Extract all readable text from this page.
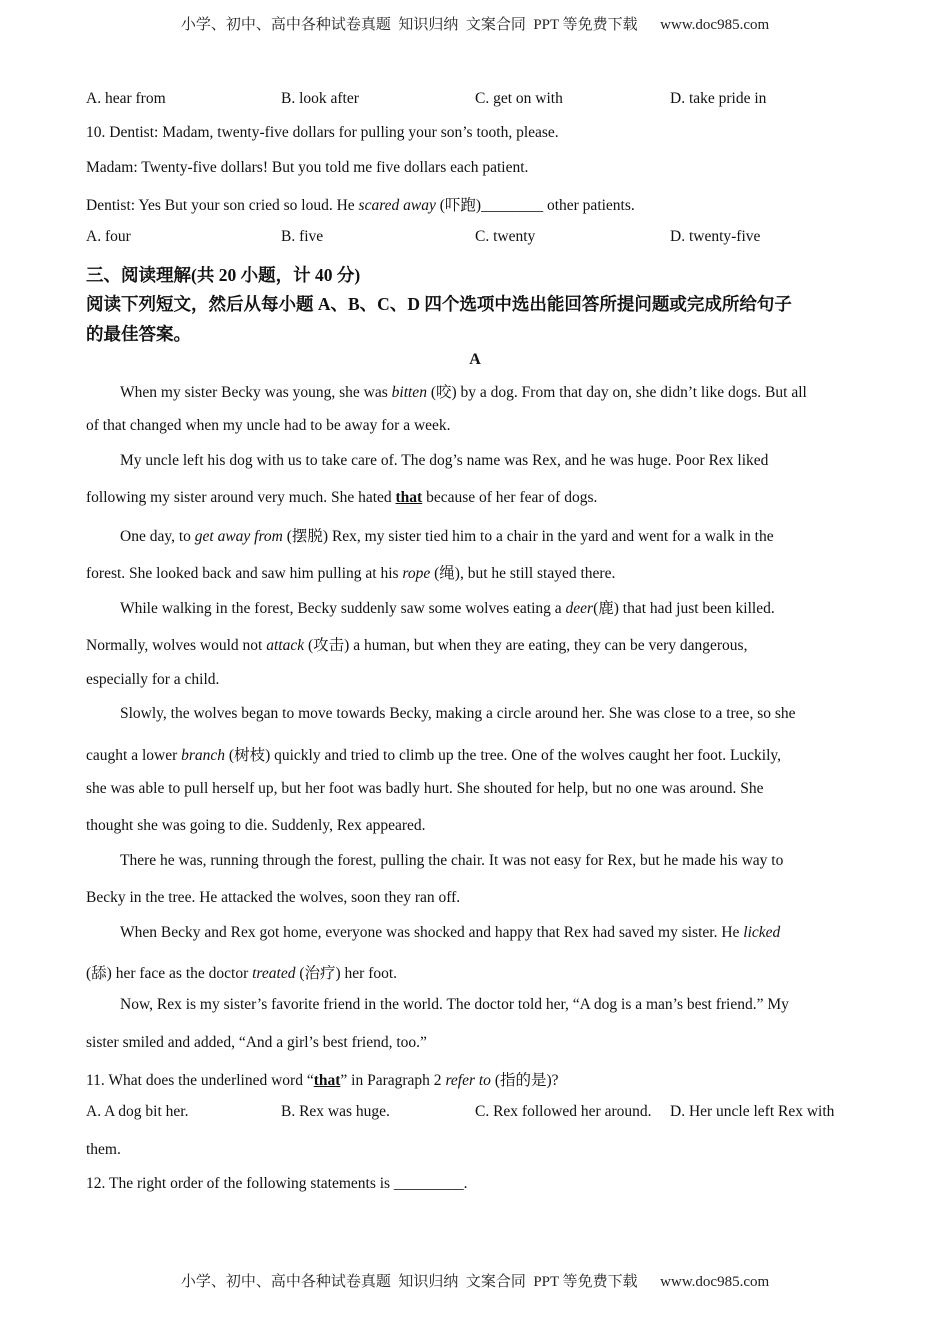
小学、初中、高中各种试卷真题  知识归纳  文案合同  PPT 等免费下载      www.doc985.com
A. hear from	B. look after	C. get on with	D. take pride in
10. Dentist: Madam, twenty-five dollars for pulling your son’s tooth, please.
Madam: Twenty-five dollars! But you told me five dollars each patient.
Dentist: Yes But your son cried so loud. He scared away (吓跑)________ other patients.
A. four	B. five	C. twenty	D. twenty-five
三、阅读理解(共 20 小题，计 40 分)
阅读下列短文，然后从每小题 A、B、C、D 四个选项中选出能回答所提问题或完成所给句子
的最佳答案。
A
When my sister Becky was young, she was bitten (咬) by a dog. From that day on, she didn’t like dogs. But all
of that changed when my uncle had to be away for a week.
My uncle left his dog with us to take care of. The dog’s name was Rex, and he was huge. Poor Rex liked
following my sister around very much. She hated that because of her fear of dogs.
One day, to get away from (摆脱) Rex, my sister tied him to a chair in the yard and went for a walk in the
forest. She looked back and saw him pulling at his rope (绳), but he still stayed there.
While walking in the forest, Becky suddenly saw some wolves eating a deer(鹿) that had just been killed.
Normally, wolves would not attack (攻击) a human, but when they are eating, they can be very dangerous,
especially for a child.
Slowly, the wolves began to move towards Becky, making a circle around her. She was close to a tree, so she
caught a lower branch (树枝) quickly and tried to climb up the tree. One of the wolves caught her foot. Luckily,
she was able to pull herself up, but her foot was badly hurt. She shouted for help, but no one was around. She
thought she was going to die. Suddenly, Rex appeared.
There he was, running through the forest, pulling the chair. It was not easy for Rex, but he made his way to
Becky in the tree. He attacked the wolves, soon they ran off.
When Becky and Rex got home, everyone was shocked and happy that Rex had saved my sister. He licked
(舔) her face as the doctor treated (治疗) her foot.
Now, Rex is my sister’s favorite friend in the world. The doctor told her, “A dog is a man’s best friend.” My
sister smiled and added, “And a girl’s best friend, too.”
11. What does the underlined word “that” in Paragraph 2 refer to (指的是)?
A. A dog bit her.	B. Rex was huge.	C. Rex followed her around. D. Her uncle left Rex with
them.
12. The right order of the following statements is _________.
小学、初中、高中各种试卷真题  知识归纳  文案合同  PPT 等免费下载      www.doc985.com
